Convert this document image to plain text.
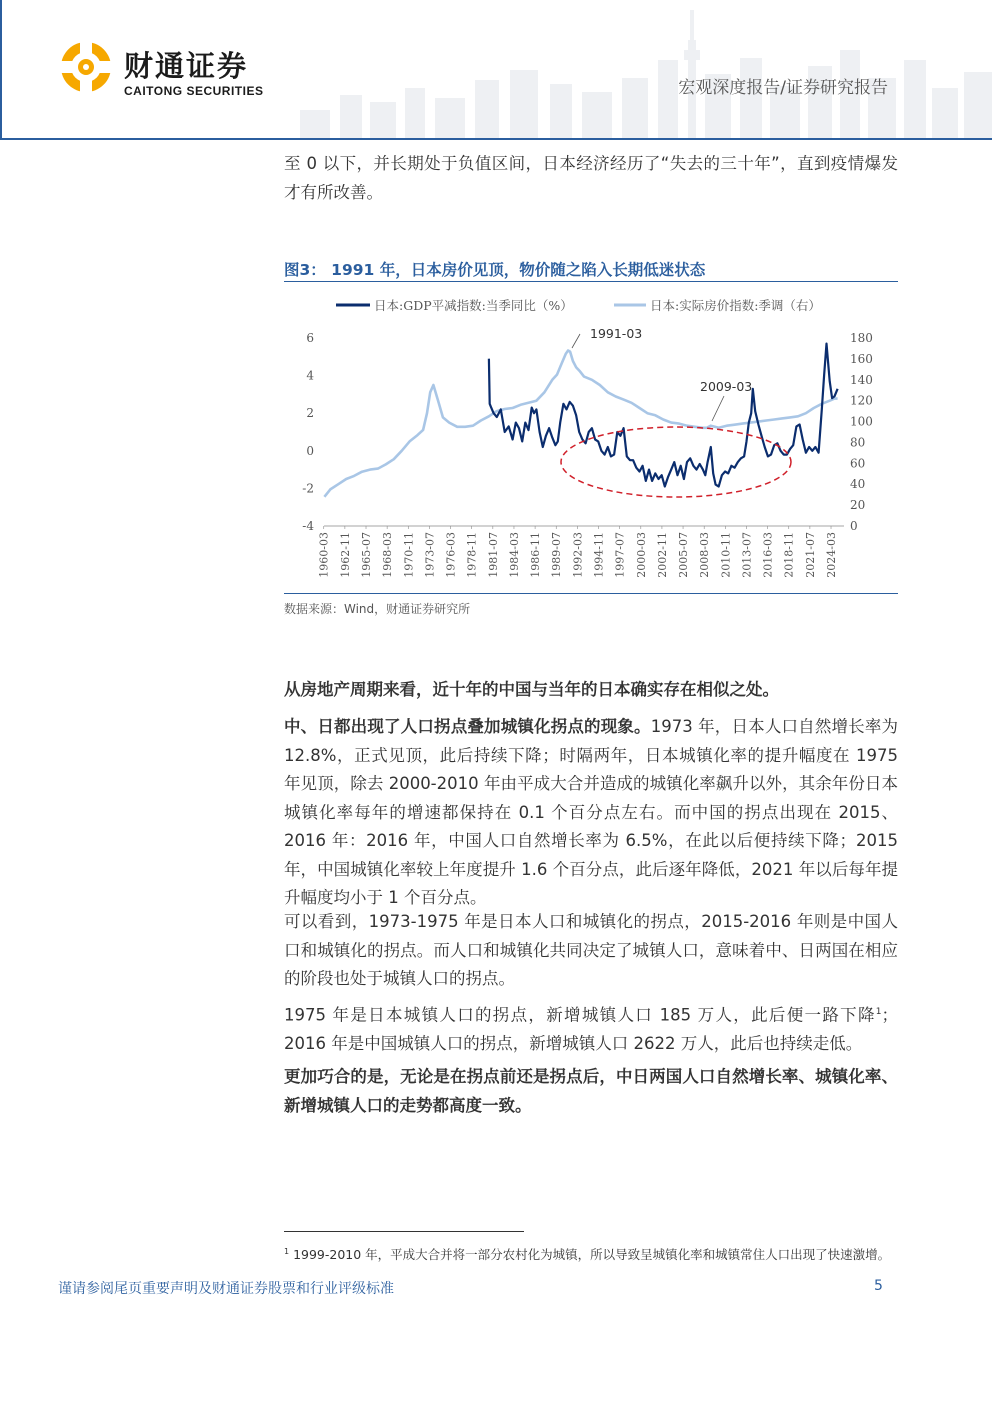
财通证券
CAITONG SECURITIES	宏观深度报告/证券研究报告
至 0 以下，并长期处于负值区间，日本经济经历了“失去的三十年”，直到疫情爆发才有所改善。
图3： 1991 年，日本房价见顶，物价随之陷入长期低迷状态
日本:GDP平减指数:当季同比（%）	日本:实际房价指数:季调（右）
6
4
2
0
-2
-4
180
160
140
120
100
80
60
40
20
0
1960-03 1962-11 1965-07 1968-03 1970-11 1973-07 1976-03 1978-11 1981-07 1984-03 1986-11 1989-07 1992-03 1994-11 1997-07 2000-03 2002-11 2005-07 2008-03 2010-11 2013-07 2016-03 2018-11 2021-07 2024-03
1991-03
2009-03
数据来源：Wind，财通证券研究所
从房地产周期来看，近十年的中国与当年的日本确实存在相似之处。
中、日都出现了人口拐点叠加城镇化拐点的现象。1973 年，日本人口自然增长率为 12.8%，正式见顶，此后持续下降；时隔两年，日本城镇化率的提升幅度在 1975 年见顶，除去 2000-2010 年由平成大合并造成的城镇化率飙升以外，其余年份日本城镇化率每年的增速都保持在 0.1 个百分点左右。而中国的拐点出现在 2015、2016 年：2016 年，中国人口自然增长率为 6.5%，在此以后便持续下降；2015 年，中国城镇化率较上年度提升 1.6 个百分点，此后逐年降低，2021 年以后每年提升幅度均小于 1 个百分点。
可以看到，1973-1975 年是日本人口和城镇化的拐点，2015-2016 年则是中国人口和城镇化的拐点。而人口和城镇化共同决定了城镇人口，意味着中、日两国在相应的阶段也处于城镇人口的拐点。
1975 年是日本城镇人口的拐点，新增城镇人口 185 万人，此后便一路下降$^1$；2016 年是中国城镇人口的拐点，新增城镇人口 2622 万人，此后也持续走低。
更加巧合的是，无论是在拐点前还是拐点后，中日两国人口自然增长率、城镇化率、新增城镇人口的走势都高度一致。
$^1$ 1999-2010 年，平成大合并将一部分农村化为城镇，所以导致呈城镇化率和城镇常住人口出现了快速激增。
谨请参阅尾页重要声明及财通证券股票和行业评级标准	5
